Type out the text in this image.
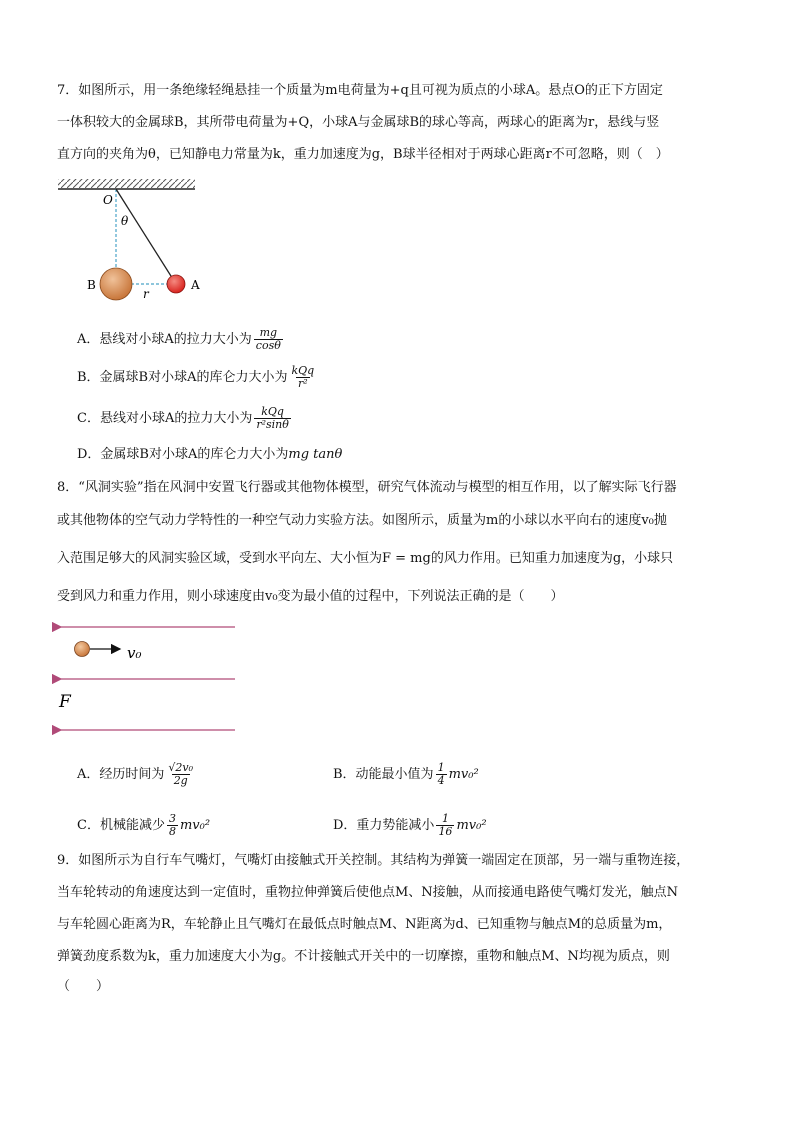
7．如图所示，用一条绝缘轻绳悬挂一个质量为m电荷量为+q且可视为质点的小球A。悬点O的正下方固定
一体积较大的金属球B，其所带电荷量为+Q，小球A与金属球B的球心等高，两球心的距离为r，悬线与竖
直方向的夹角为θ，已知静电力常量为k，重力加速度为g，B球半径相对于两球心距离r不可忽略，则（　）
O
θ
B	A
r
A．悬线对小球A的拉力大小为 $\frac{mg}{\cos\theta}$
B．金属球B对小球A的库仑力大小为 $\frac{\text{kQq}}{\text{r²}}$
C．悬线对小球A的拉力大小为 $\frac{\text{kQq}}{\text{r²sinθ}}$
D．金属球B对小球A的库仑力大小为mg tanθ
8．“风洞实验”指在风洞中安置飞行器或其他物体模型，研究气体流动与模型的相互作用，以了解实际飞行器
或其他物体的空气动力学特性的一种空气动力实验方法。如图所示，质量为m的小球以水平向右的速度v₀抛
入范围足够大的风洞实验区域，受到水平向左、大小恒为F = mg的风力作用。已知重力加速度为g，小球只
受到风力和重力作用，则小球速度由v₀变为最小值的过程中，下列说法正确的是（　　）
v₀
F
A．经历时间为 $\frac{\text{√2v₀}}{2g}$	B．动能最小值为 $\frac{1}{4} mv_0^2$
C．机械能减少 $\frac{3}{8} mv_0^2$	D．重力势能减小 $\frac{1}{16} mv_0^2$
9．如图所示为自行车气嘴灯，气嘴灯由接触式开关控制。其结构为弹簧一端固定在顶部，另一端与重物连接，
当车轮转动的角速度达到一定值时，重物拉伸弹簧后使他点M、N接触，从而接通电路使气嘴灯发光，触点N
与车轮圆心距离为R，车轮静止且气嘴灯在最低点时触点M、N距离为d、已知重物与触点M的总质量为m，
弹簧劲度系数为k，重力加速度大小为g。不计接触式开关中的一切摩擦，重物和触点M、N均视为质点，则
（　　）
